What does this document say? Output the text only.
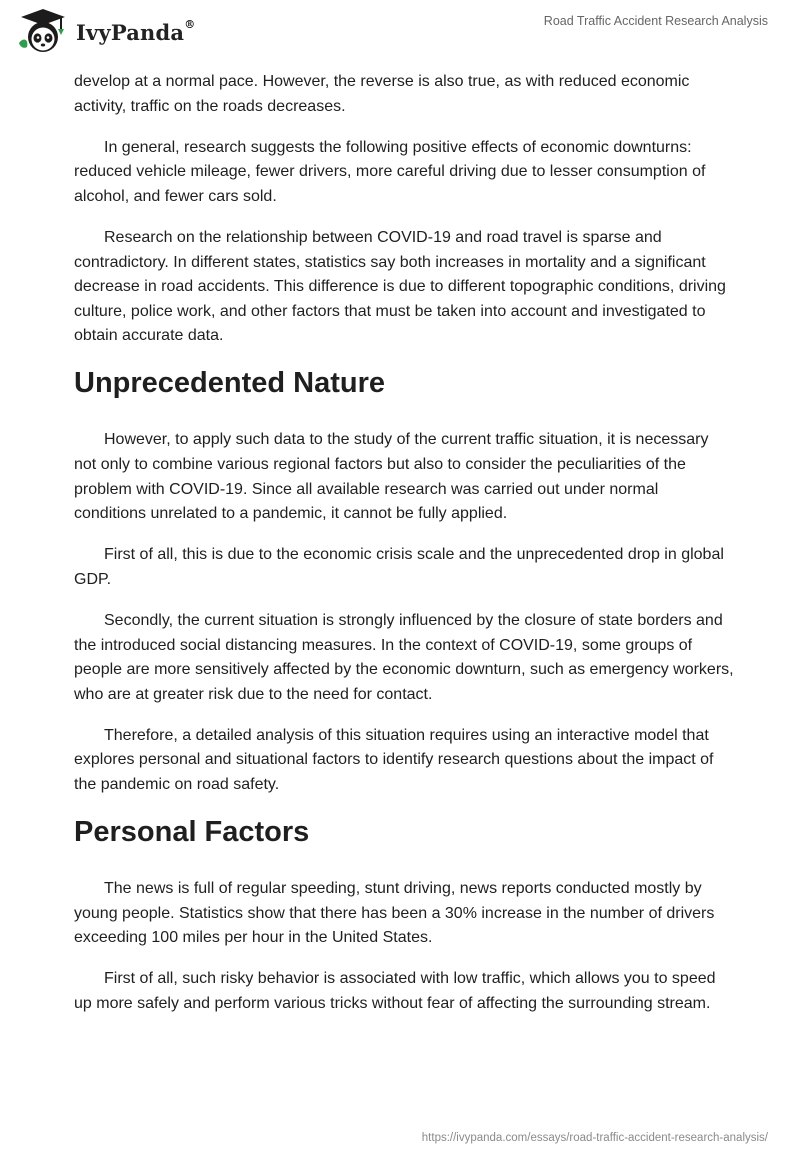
IvyPanda®	Road Traffic Accident Research Analysis

develop at a normal pace. However, the reverse is also true, as with reduced economic activity, traffic on the roads decreases.

In general, research suggests the following positive effects of economic downturns: reduced vehicle mileage, fewer drivers, more careful driving due to lesser consumption of alcohol, and fewer cars sold.

Research on the relationship between COVID-19 and road travel is sparse and contradictory. In different states, statistics say both increases in mortality and a significant decrease in road accidents. This difference is due to different topographic conditions, driving culture, police work, and other factors that must be taken into account and investigated to obtain accurate data.

Unprecedented Nature

However, to apply such data to the study of the current traffic situation, it is necessary not only to combine various regional factors but also to consider the peculiarities of the problem with COVID-19. Since all available research was carried out under normal conditions unrelated to a pandemic, it cannot be fully applied.

First of all, this is due to the economic crisis scale and the unprecedented drop in global GDP.

Secondly, the current situation is strongly influenced by the closure of state borders and the introduced social distancing measures. In the context of COVID-19, some groups of people are more sensitively affected by the economic downturn, such as emergency workers, who are at greater risk due to the need for contact.

Therefore, a detailed analysis of this situation requires using an interactive model that explores personal and situational factors to identify research questions about the impact of the pandemic on road safety.

Personal Factors

The news is full of regular speeding, stunt driving, news reports conducted mostly by young people. Statistics show that there has been a 30% increase in the number of drivers exceeding 100 miles per hour in the United States.

First of all, such risky behavior is associated with low traffic, which allows you to speed up more safely and perform various tricks without fear of affecting the surrounding stream.

https://ivypanda.com/essays/road-traffic-accident-research-analysis/
